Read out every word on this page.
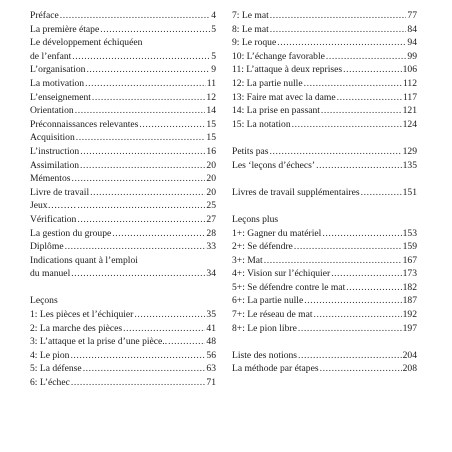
Préface .....	4
La première étape .....	5
Le développement échiquéen
de l’enfant .....	5
L’organisation .....	9
La motivation .....	11
L’enseignement .....	12
Orientation .....	14
Préconnaissances relevantes .....	15
Acquisition .....	15
L’instruction .....	16
Assimilation .....	20
Mémentos .....	20
Livre de travail .....	20
Jeux……… .....	25
Vérification .....	27
La gestion du groupe .....	28
Diplôme .....	33
Indications quant à l’emploi
du manuel .....	34
Leçons
1: Les pièces et l’échiquier .....	35
2: La marche des pièces .....	41
3: L’attaque et la prise d’une pièce.. .....	48
4: Le pion .....	56
5: La défense .....	63
6: L’échec .....	71
7: Le mat .....	77
8: Le mat .....	84
9: Le roque .....	94
10: L’échange favorable .....	99
11: L’attaque à deux reprises .....	106
12: La partie nulle .....	112
13: Faire mat avec la dame .....	117
14: La prise en passant .....	121
15: La notation .....	124
Petits pas .....	129
Les ‘leçons d’échecs’ .....	135
Livres de travail supplémentaires .....	151
Leçons plus
1+: Gagner du matériel .....	153
2+: Se défendre .....	159
3+: Mat .....	167
4+: Vision sur l’échiquier .....	173
5+: Se défendre contre le mat .....	182
6+: La partie nulle .....	187
7+: Le réseau de mat .....	192
8+: Le pion libre .....	197
Liste des notions .....	204
La méthode par étapes .....	208
